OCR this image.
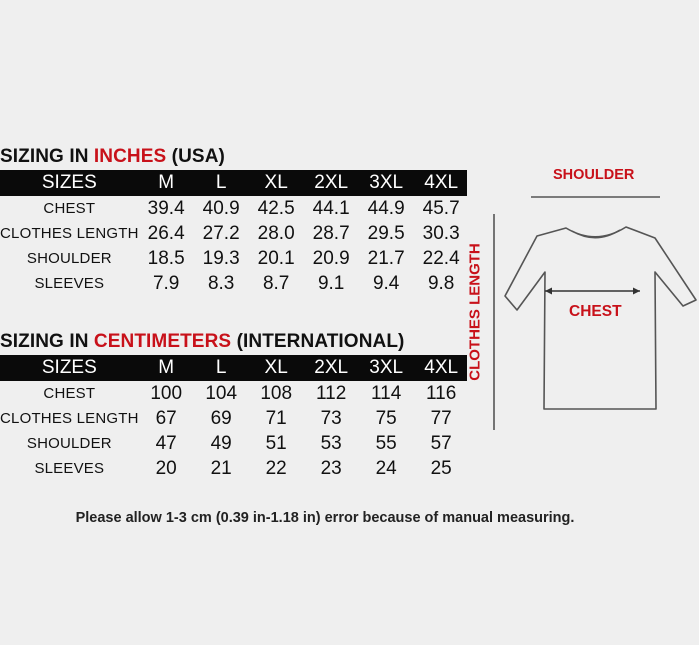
SIZING IN INCHES (USA)
SIZES	M	L	XL	2XL	3XL	4XL
CHEST	39.4	40.9	42.5	44.1	44.9	45.7
CLOTHES LENGTH	26.4	27.2	28.0	28.7	29.5	30.3
SHOULDER	18.5	19.3	20.1	20.9	21.7	22.4
SLEEVES	7.9	8.3	8.7	9.1	9.4	9.8
SIZING IN CENTIMETERS (INTERNATIONAL)
SIZES	M	L	XL	2XL	3XL	4XL
CHEST	100	104	108	112	114	116
CLOTHES LENGTH	67	69	71	73	75	77
SHOULDER	47	49	51	53	55	57
SLEEVES	20	21	22	23	24	25
SHOULDER
CHEST
CLOTHES LENGTH
Please allow 1-3 cm (0.39 in-1.18 in) error because of manual measuring.
